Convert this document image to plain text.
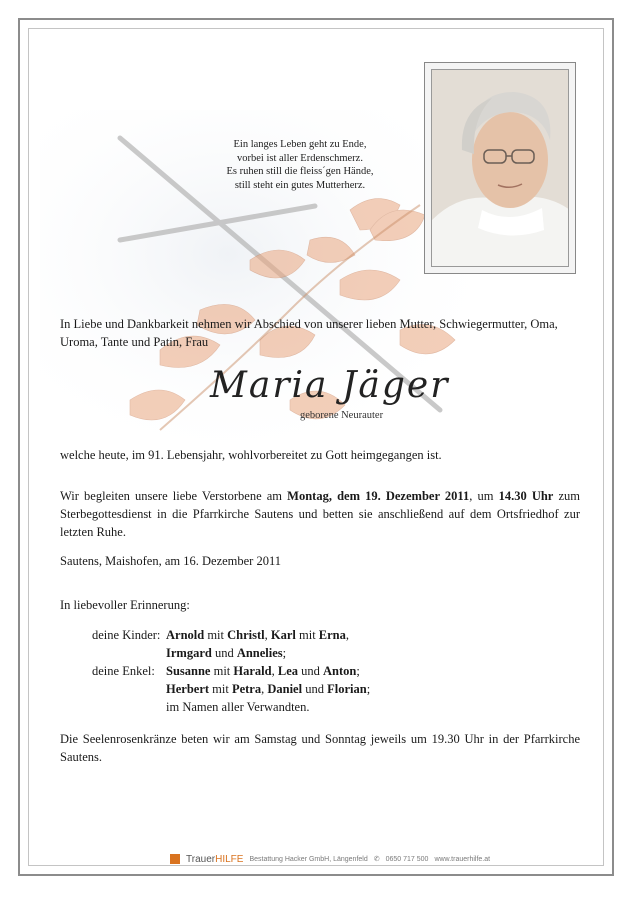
Ein langes Leben geht zu Ende,
vorbei ist aller Erdenschmerz.
Es ruhen still die fleiss´gen Hände,
still steht ein gutes Mutterherz.

In Liebe und Dankbarkeit nehmen wir Abschied von unserer lieben Mutter, Schwiegermutter, Oma, Uroma, Tante und Patin, Frau

Maria Jäger
geborene Neurauter

welche heute, im 91. Lebensjahr, wohlvorbereitet zu Gott heimgegangen ist.

Wir begleiten unsere liebe Verstorbene am Montag, dem 19. Dezember 2011, um 14.30 Uhr zum Sterbegottesdienst in die Pfarrkirche Sautens und betten sie anschließend auf dem Ortsfriedhof zur letzten Ruhe.

Sautens, Maishofen, am 16. Dezember 2011

In liebevoller Erinnerung:

deine Kinder: Arnold mit Christl, Karl mit Erna,
Irmgard und Annelies;
deine Enkel: Susanne mit Harald, Lea und Anton;
Herbert mit Petra, Daniel und Florian;
im Namen aller Verwandten.

Die Seelenrosenkränze beten wir am Samstag und Sonntag jeweils um 19.30 Uhr in der Pfarrkirche Sautens.

TrauerHILFE Bestattung Hacker GmbH, Längenfeld ✆ 0650 717 500 www.trauerhilfe.at
